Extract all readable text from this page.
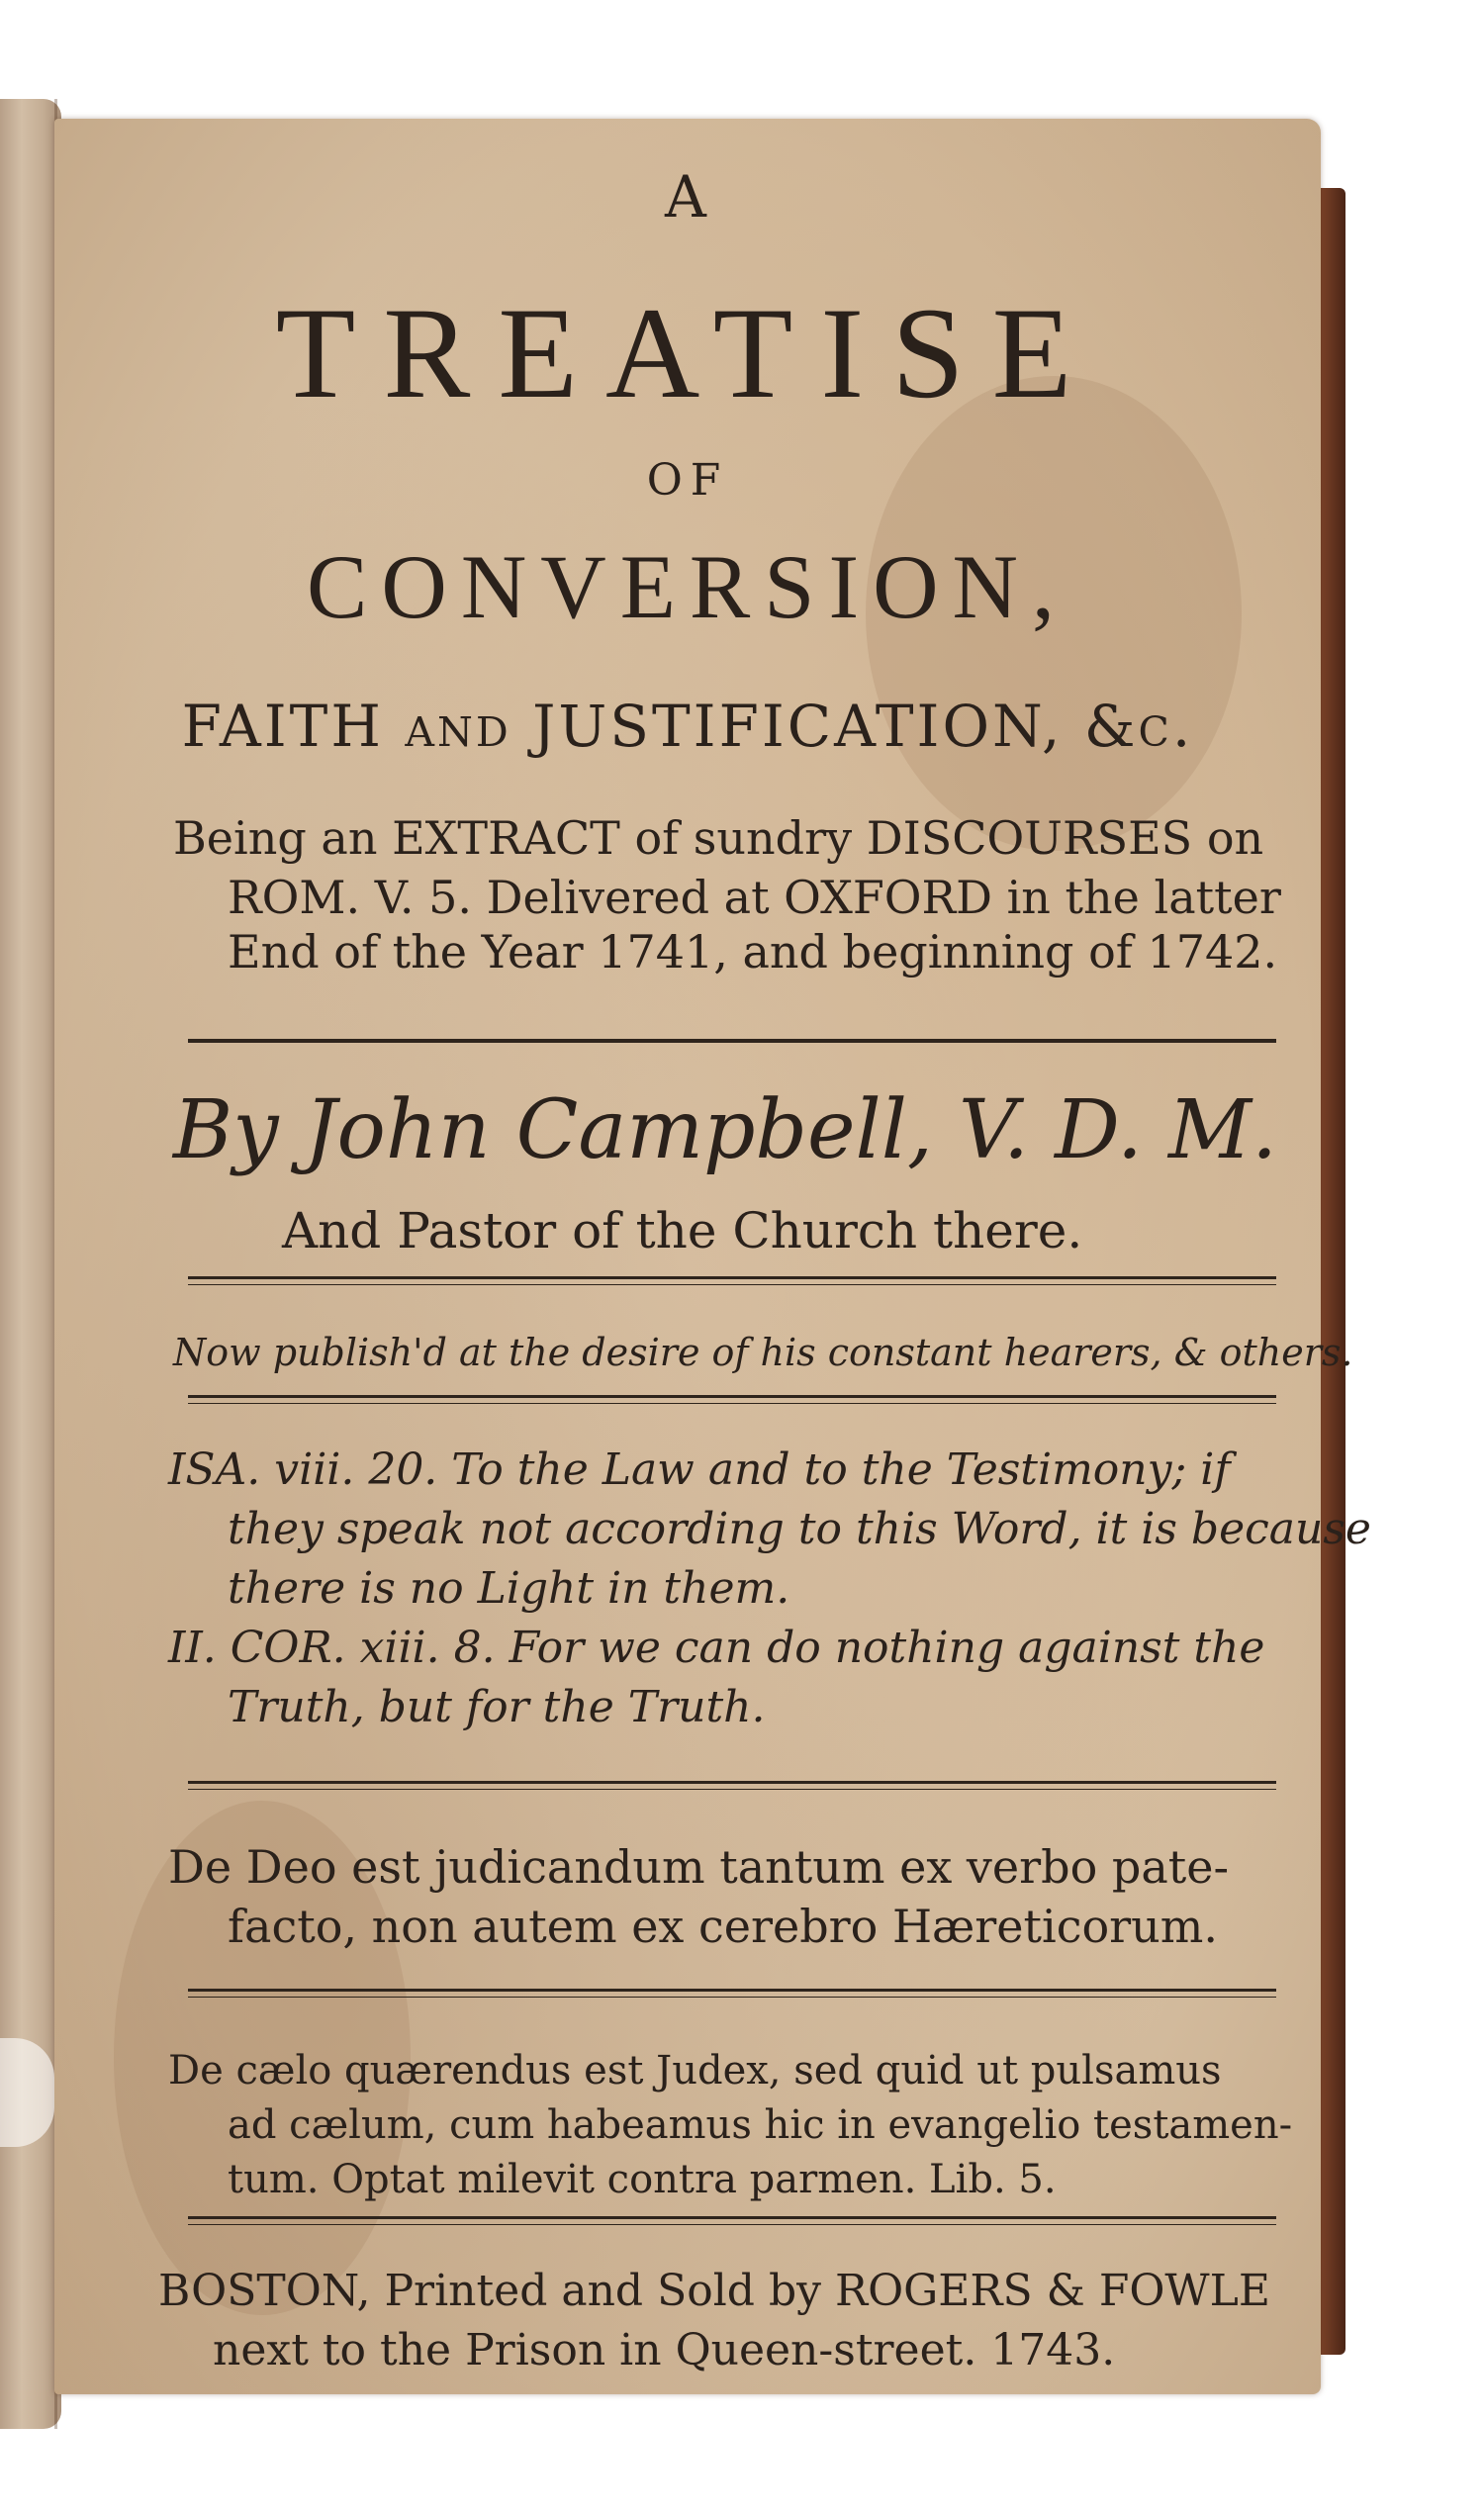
A
TREATISE
OF
CONVERSION,
FAITH and JUSTIFICATION, &c.
Being an EXTRACT of sundry DISCOURSES on
ROM. V. 5. Delivered at OXFORD in the latter
End of the Year 1741, and beginning of 1742.
By John Campbell, V. D. M.
And Pastor of the Church there.
Now publish'd at the desire of his constant hearers, & others.
ISA. viii. 20. To the Law and to the Testimony; if
they speak not according to this Word, it is because
there is no Light in them.
II. COR. xiii. 8. For we can do nothing against the
Truth, but for the Truth.
De Deo est judicandum tantum ex verbo pate-
facto, non autem ex cerebro Hæreticorum.
De cælo quærendus est Judex, sed quid ut pulsamus
ad cælum, cum habeamus hic in evangelio testamen-
tum. Optat milevit contra parmen. Lib. 5.
BOSTON, Printed and Sold by ROGERS & FOWLE
next to the Prison in Queen-street. 1743.
